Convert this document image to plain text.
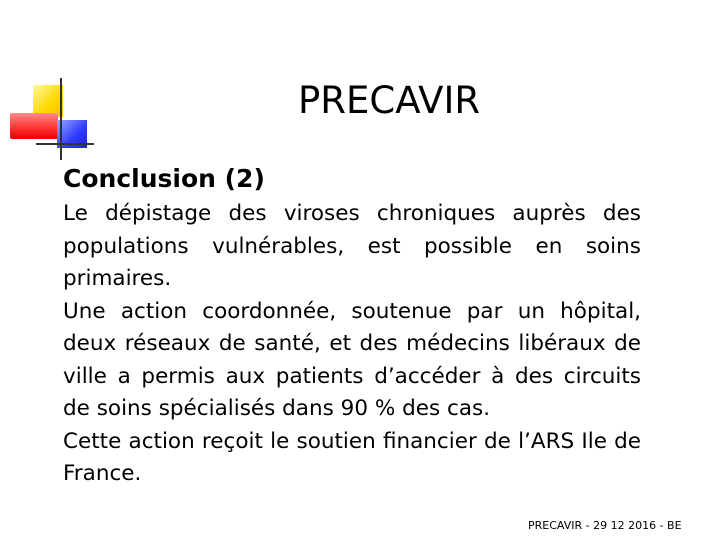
PRECAVIR
Conclusion (2)

Le dépistage des viroses chroniques auprès des populations vulnérables, est possible en soins primaires.

Une action coordonnée, soutenue par un hôpital, deux réseaux de santé, et des médecins libéraux de ville a permis aux patients d’accéder à des circuits de soins spécialisés dans 90 % des cas.

Cette action reçoit le soutien financier de l’ARS Ile de France.

PRECAVIR - 29 12 2016 - BE
